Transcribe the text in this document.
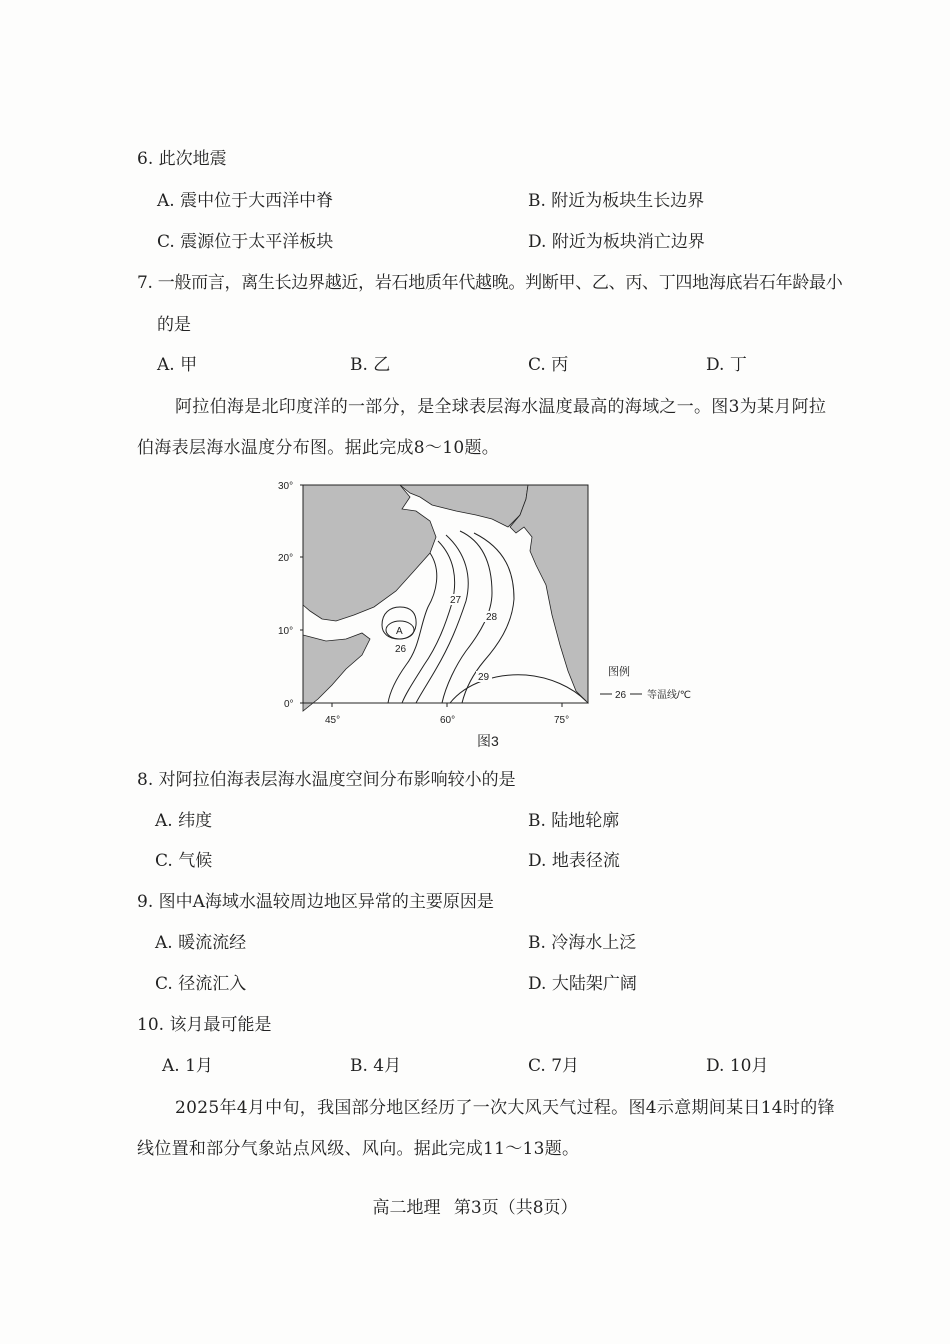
6. 此次地震
A. 震中位于大西洋中脊	B. 附近为板块生长边界
C. 震源位于太平洋板块	D. 附近为板块消亡边界
7. 一般而言，离生长边界越近，岩石地质年代越晚。判断甲、乙、丙、丁四地海底岩石年龄最小
的是
A. 甲	B. 乙	C. 丙	D. 丁
阿拉伯海是北印度洋的一部分，是全球表层海水温度最高的海域之一。图3为某月阿拉
伯海表层海水温度分布图。据此完成8～10题。
30°
20°
10°
0°
45°	60°	75°
26
27
28
29
A
图例
26 等温线/℃
图3
8. 对阿拉伯海表层海水温度空间分布影响较小的是
A. 纬度	B. 陆地轮廓
C. 气候	D. 地表径流
9. 图中A海域水温较周边地区异常的主要原因是
A. 暖流流经	B. 冷海水上泛
C. 径流汇入	D. 大陆架广阔
10. 该月最可能是
A. 1月	B. 4月	C. 7月	D. 10月
2025年4月中旬，我国部分地区经历了一次大风天气过程。图4示意期间某日14时的锋
线位置和部分气象站点风级、风向。据此完成11～13题。
高二地理 第3页（共8页）
